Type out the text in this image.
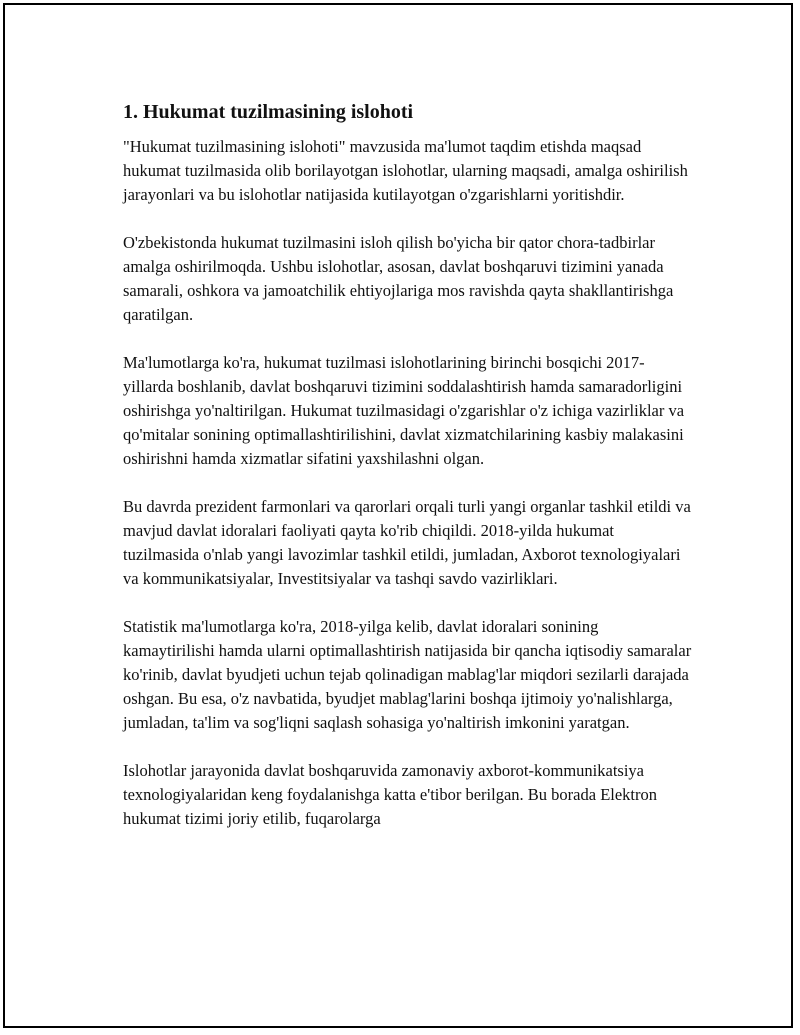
1. Hukumat tuzilmasining islohoti

"Hukumat tuzilmasining islohoti" mavzusida ma'lumot taqdim etishda maqsad hukumat tuzilmasida olib borilayotgan islohotlar, ularning maqsadi, amalga oshirilish jarayonlari va bu islohotlar natijasida kutilayotgan o'zgarishlarni yoritishdir.

O'zbekistonda hukumat tuzilmasini isloh qilish bo'yicha bir qator chora-tadbirlar amalga oshirilmoqda. Ushbu islohotlar, asosan, davlat boshqaruvi tizimini yanada samarali, oshkora va jamoatchilik ehtiyojlariga mos ravishda qayta shakllantirishga qaratilgan.

Ma'lumotlarga ko'ra, hukumat tuzilmasi islohotlarining birinchi bosqichi 2017-yillarda boshlanib, davlat boshqaruvi tizimini soddalashtirish hamda samaradorligini oshirishga yo'naltirilgan. Hukumat tuzilmasidagi o'zgarishlar o'z ichiga vazirliklar va qo'mitalar sonining optimallashtirilishini, davlat xizmatchilarining kasbiy malakasini oshirishni hamda xizmatlar sifatini yaxshilashni olgan.

Bu davrda prezident farmonlari va qarorlari orqali turli yangi organlar tashkil etildi va mavjud davlat idoralari faoliyati qayta ko'rib chiqildi. 2018-yilda hukumat tuzilmasida o'nlab yangi lavozimlar tashkil etildi, jumladan, Axborot texnologiyalari va kommunikatsiyalar, Investitsiyalar va tashqi savdo vazirliklari.

Statistik ma'lumotlarga ko'ra, 2018-yilga kelib, davlat idoralari sonining kamaytirilishi hamda ularni optimallashtirish natijasida bir qancha iqtisodiy samaralar ko'rinib, davlat byudjeti uchun tejab qolinadigan mablag'lar miqdori sezilarli darajada oshgan. Bu esa, o'z navbatida, byudjet mablag'larini boshqa ijtimoiy yo'nalishlarga, jumladan, ta'lim va sog'liqni saqlash sohasiga yo'naltirish imkonini yaratgan.

Islohotlar jarayonida davlat boshqaruvida zamonaviy axborot-kommunikatsiya texnologiyalaridan keng foydalanishga katta e'tibor berilgan. Bu borada Elektron hukumat tizimi joriy etilib, fuqarolarga
